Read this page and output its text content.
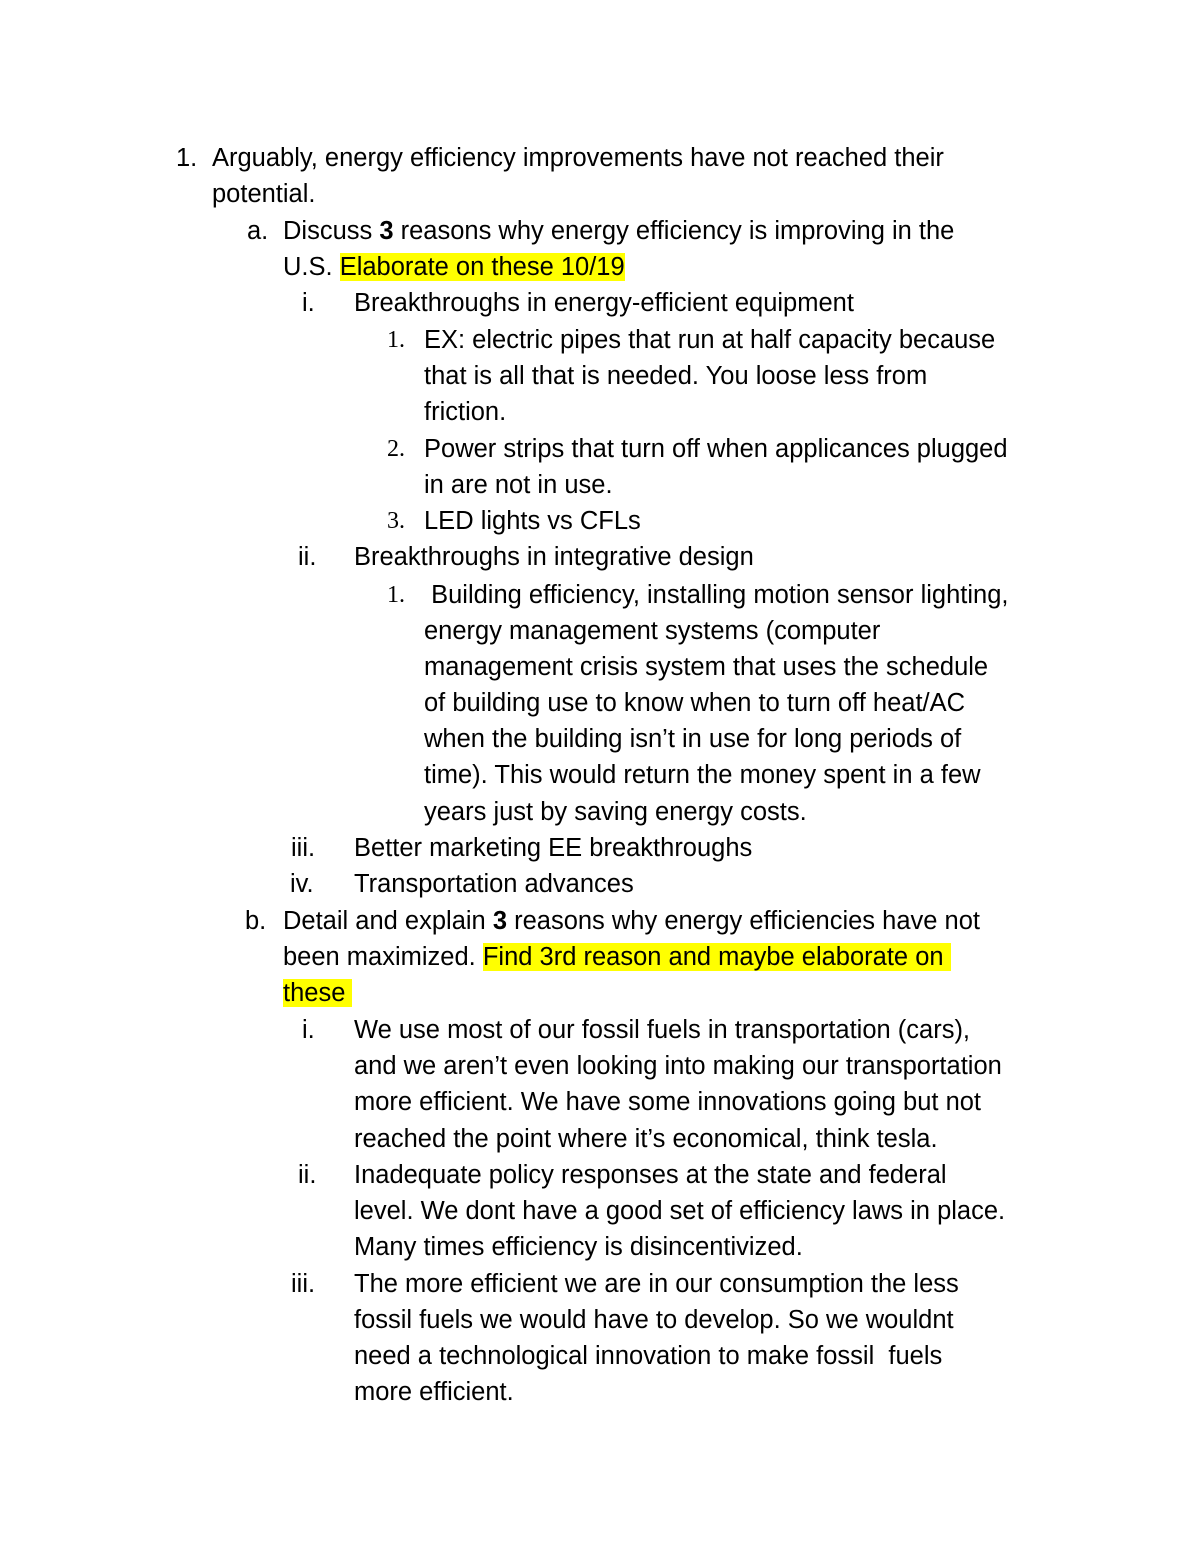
1. Arguably, energy efficiency improvements have not reached their
potential.
a. Discuss 3 reasons why energy efficiency is improving in the
U.S. Elaborate on these 10/19
i. Breakthroughs in energy-efficient equipment
1. EX: electric pipes that run at half capacity because
that is all that is needed. You loose less from
friction.
2. Power strips that turn off when applicances plugged
in are not in use.
3. LED lights vs CFLs
ii. Breakthroughs in integrative design
1. Building efficiency, installing motion sensor lighting,
energy management systems (computer
management crisis system that uses the schedule
of building use to know when to turn off heat/AC
when the building isn’t in use for long periods of
time). This would return the money spent in a few
years just by saving energy costs.
iii. Better marketing EE breakthroughs
iv. Transportation advances
b. Detail and explain 3 reasons why energy efficiencies have not
been maximized. Find 3rd reason and maybe elaborate on
these
i. We use most of our fossil fuels in transportation (cars),
and we aren’t even looking into making our transportation
more efficient. We have some innovations going but not
reached the point where it’s economical, think tesla.
ii. Inadequate policy responses at the state and federal
level. We dont have a good set of efficiency laws in place.
Many times efficiency is disincentivized.
iii. The more efficient we are in our consumption the less
fossil fuels we would have to develop. So we wouldnt
need a technological innovation to make fossil  fuels
more efficient.
